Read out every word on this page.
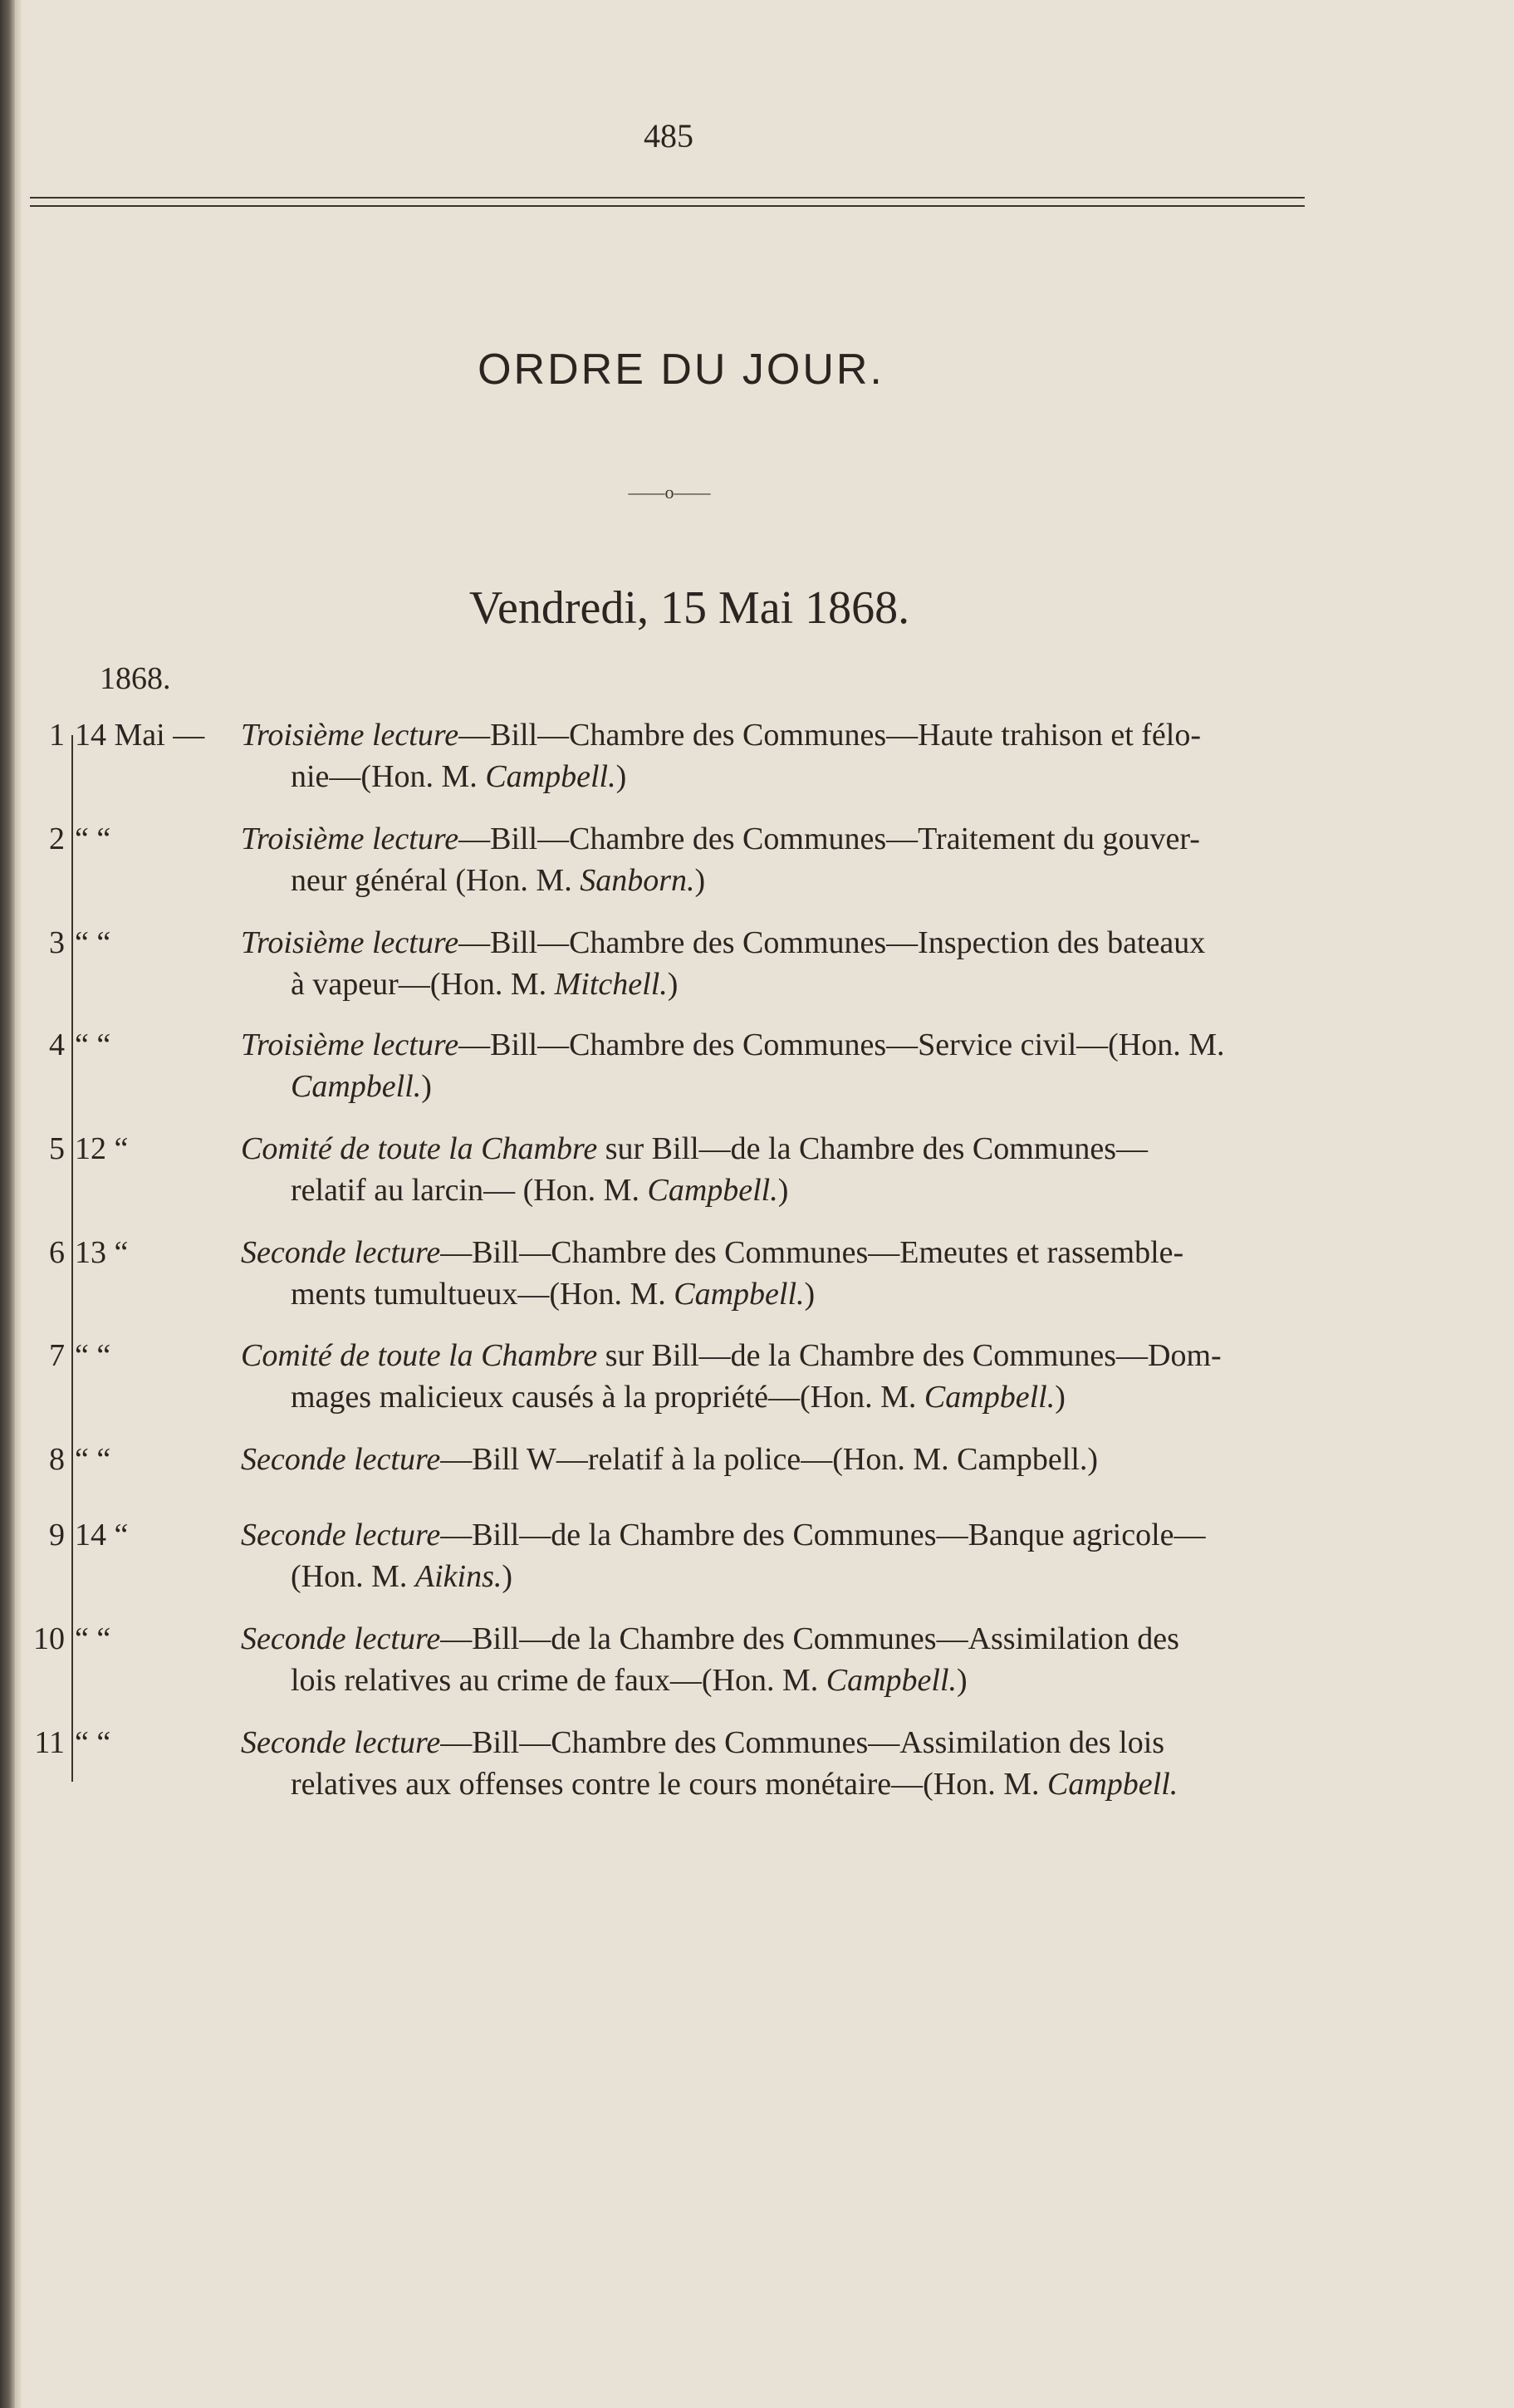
485
ORDRE DU JOUR.
——o——
Vendredi, 15 Mai 1868.
1868.
1 14 Mai — Troisième lecture—Bill—Chambre des Communes—Haute trahison et félo-
nie—(Hon. M. Campbell.)
2 “ “	Troisième lecture—Bill—Chambre des Communes—Traitement du gouver-
neur général (Hon. M. Sanborn.)
3 “ “	Troisième lecture—Bill—Chambre des Communes—Inspection des bateaux
à vapeur—(Hon. M. Mitchell.)
4 “ “	Troisième lecture—Bill—Chambre des Communes—Service civil—(Hon. M.
Campbell.)
5 12 “	Comité de toute la Chambre sur Bill—de la Chambre des Communes—
relatif au larcin— (Hon. M. Campbell.)
6 13 “	Seconde lecture—Bill—Chambre des Communes—Emeutes et rassemble-
ments tumultueux—(Hon. M. Campbell.)
7 “ “	Comité de toute la Chambre sur Bill—de la Chambre des Communes—Dom-
mages malicieux causés à la propriété—(Hon. M. Campbell.)
8 “ “	Seconde lecture—Bill W—relatif à la police—(Hon. M. Campbell.)
9 14 “	Seconde lecture—Bill—de la Chambre des Communes—Banque agricole—
(Hon. M. Aikins.)
10 “ “	Seconde lecture—Bill—de la Chambre des Communes—Assimilation des
lois relatives au crime de faux—(Hon. M. Campbell.)
11 “ “	Seconde lecture—Bill—Chambre des Communes—Assimilation des lois
relatives aux offenses contre le cours monétaire—(Hon. M. Campbell.
